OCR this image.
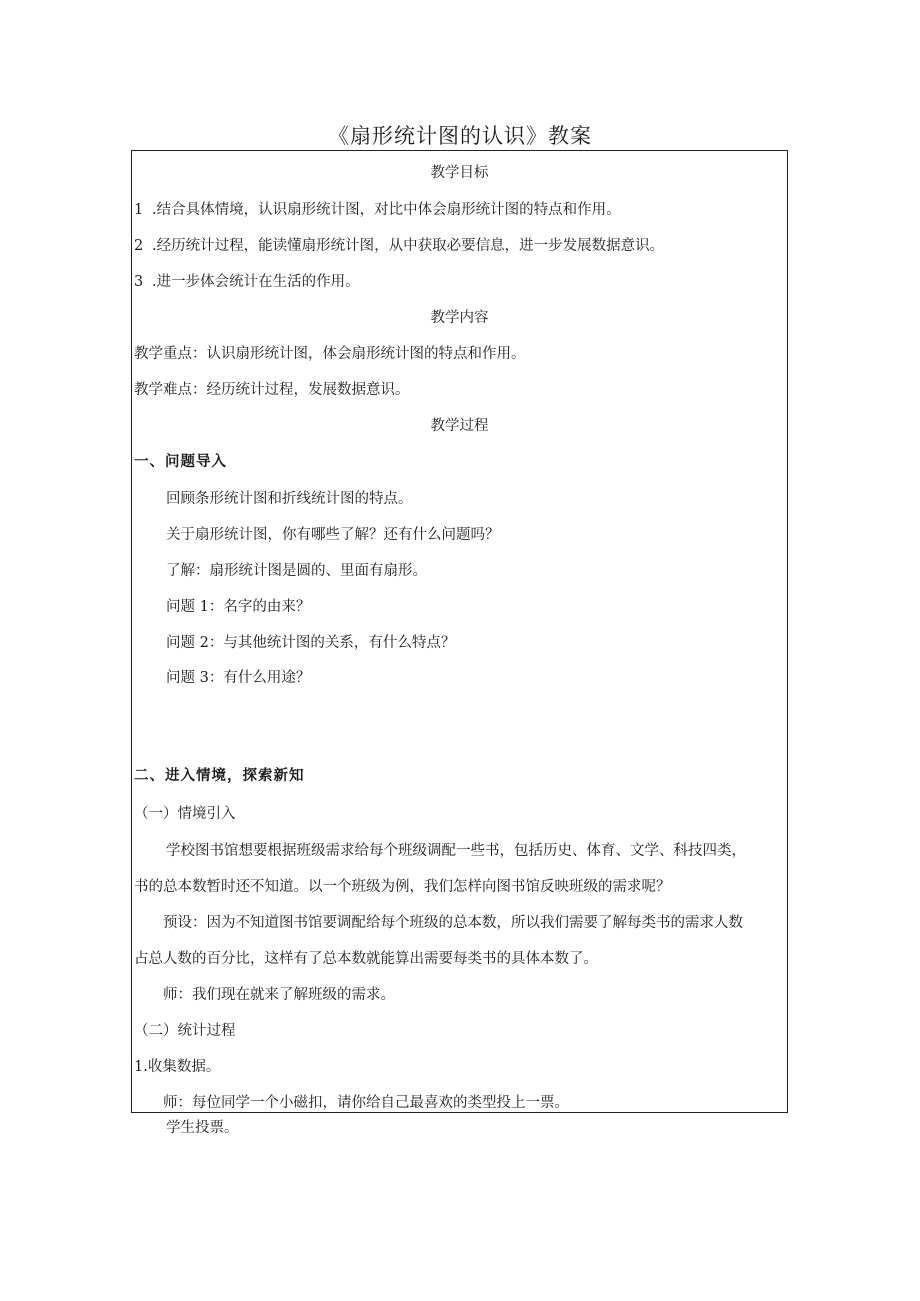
《扇形统计图的认识》教案
教学目标
1 .结合具体情境，认识扇形统计图，对比中体会扇形统计图的特点和作用。
2 .经历统计过程，能读懂扇形统计图，从中获取必要信息，进一步发展数据意识。
3 .进一步体会统计在生活的作用。
教学内容
教学重点：认识扇形统计图，体会扇形统计图的特点和作用。
教学难点：经历统计过程，发展数据意识。
教学过程
一、问题导入
回顾条形统计图和折线统计图的特点。
关于扇形统计图，你有哪些了解？还有什么问题吗？
了解：扇形统计图是圆的、里面有扇形。
问题 1：名字的由来？
问题 2：与其他统计图的关系，有什么特点？
问题 3：有什么用途？
二、进入情境，探索新知
（一）情境引入
学校图书馆想要根据班级需求给每个班级调配一些书，包括历史、体育、文学、科技四类，
书的总本数暂时还不知道。以一个班级为例，我们怎样向图书馆反映班级的需求呢？
预设：因为不知道图书馆要调配给每个班级的总本数，所以我们需要了解每类书的需求人数
占总人数的百分比，这样有了总本数就能算出需要每类书的具体本数了。
师：我们现在就来了解班级的需求。
（二）统计过程
1.收集数据。
师：每位同学一个小磁扣，请你给自己最喜欢的类型投上一票。
学生投票。
